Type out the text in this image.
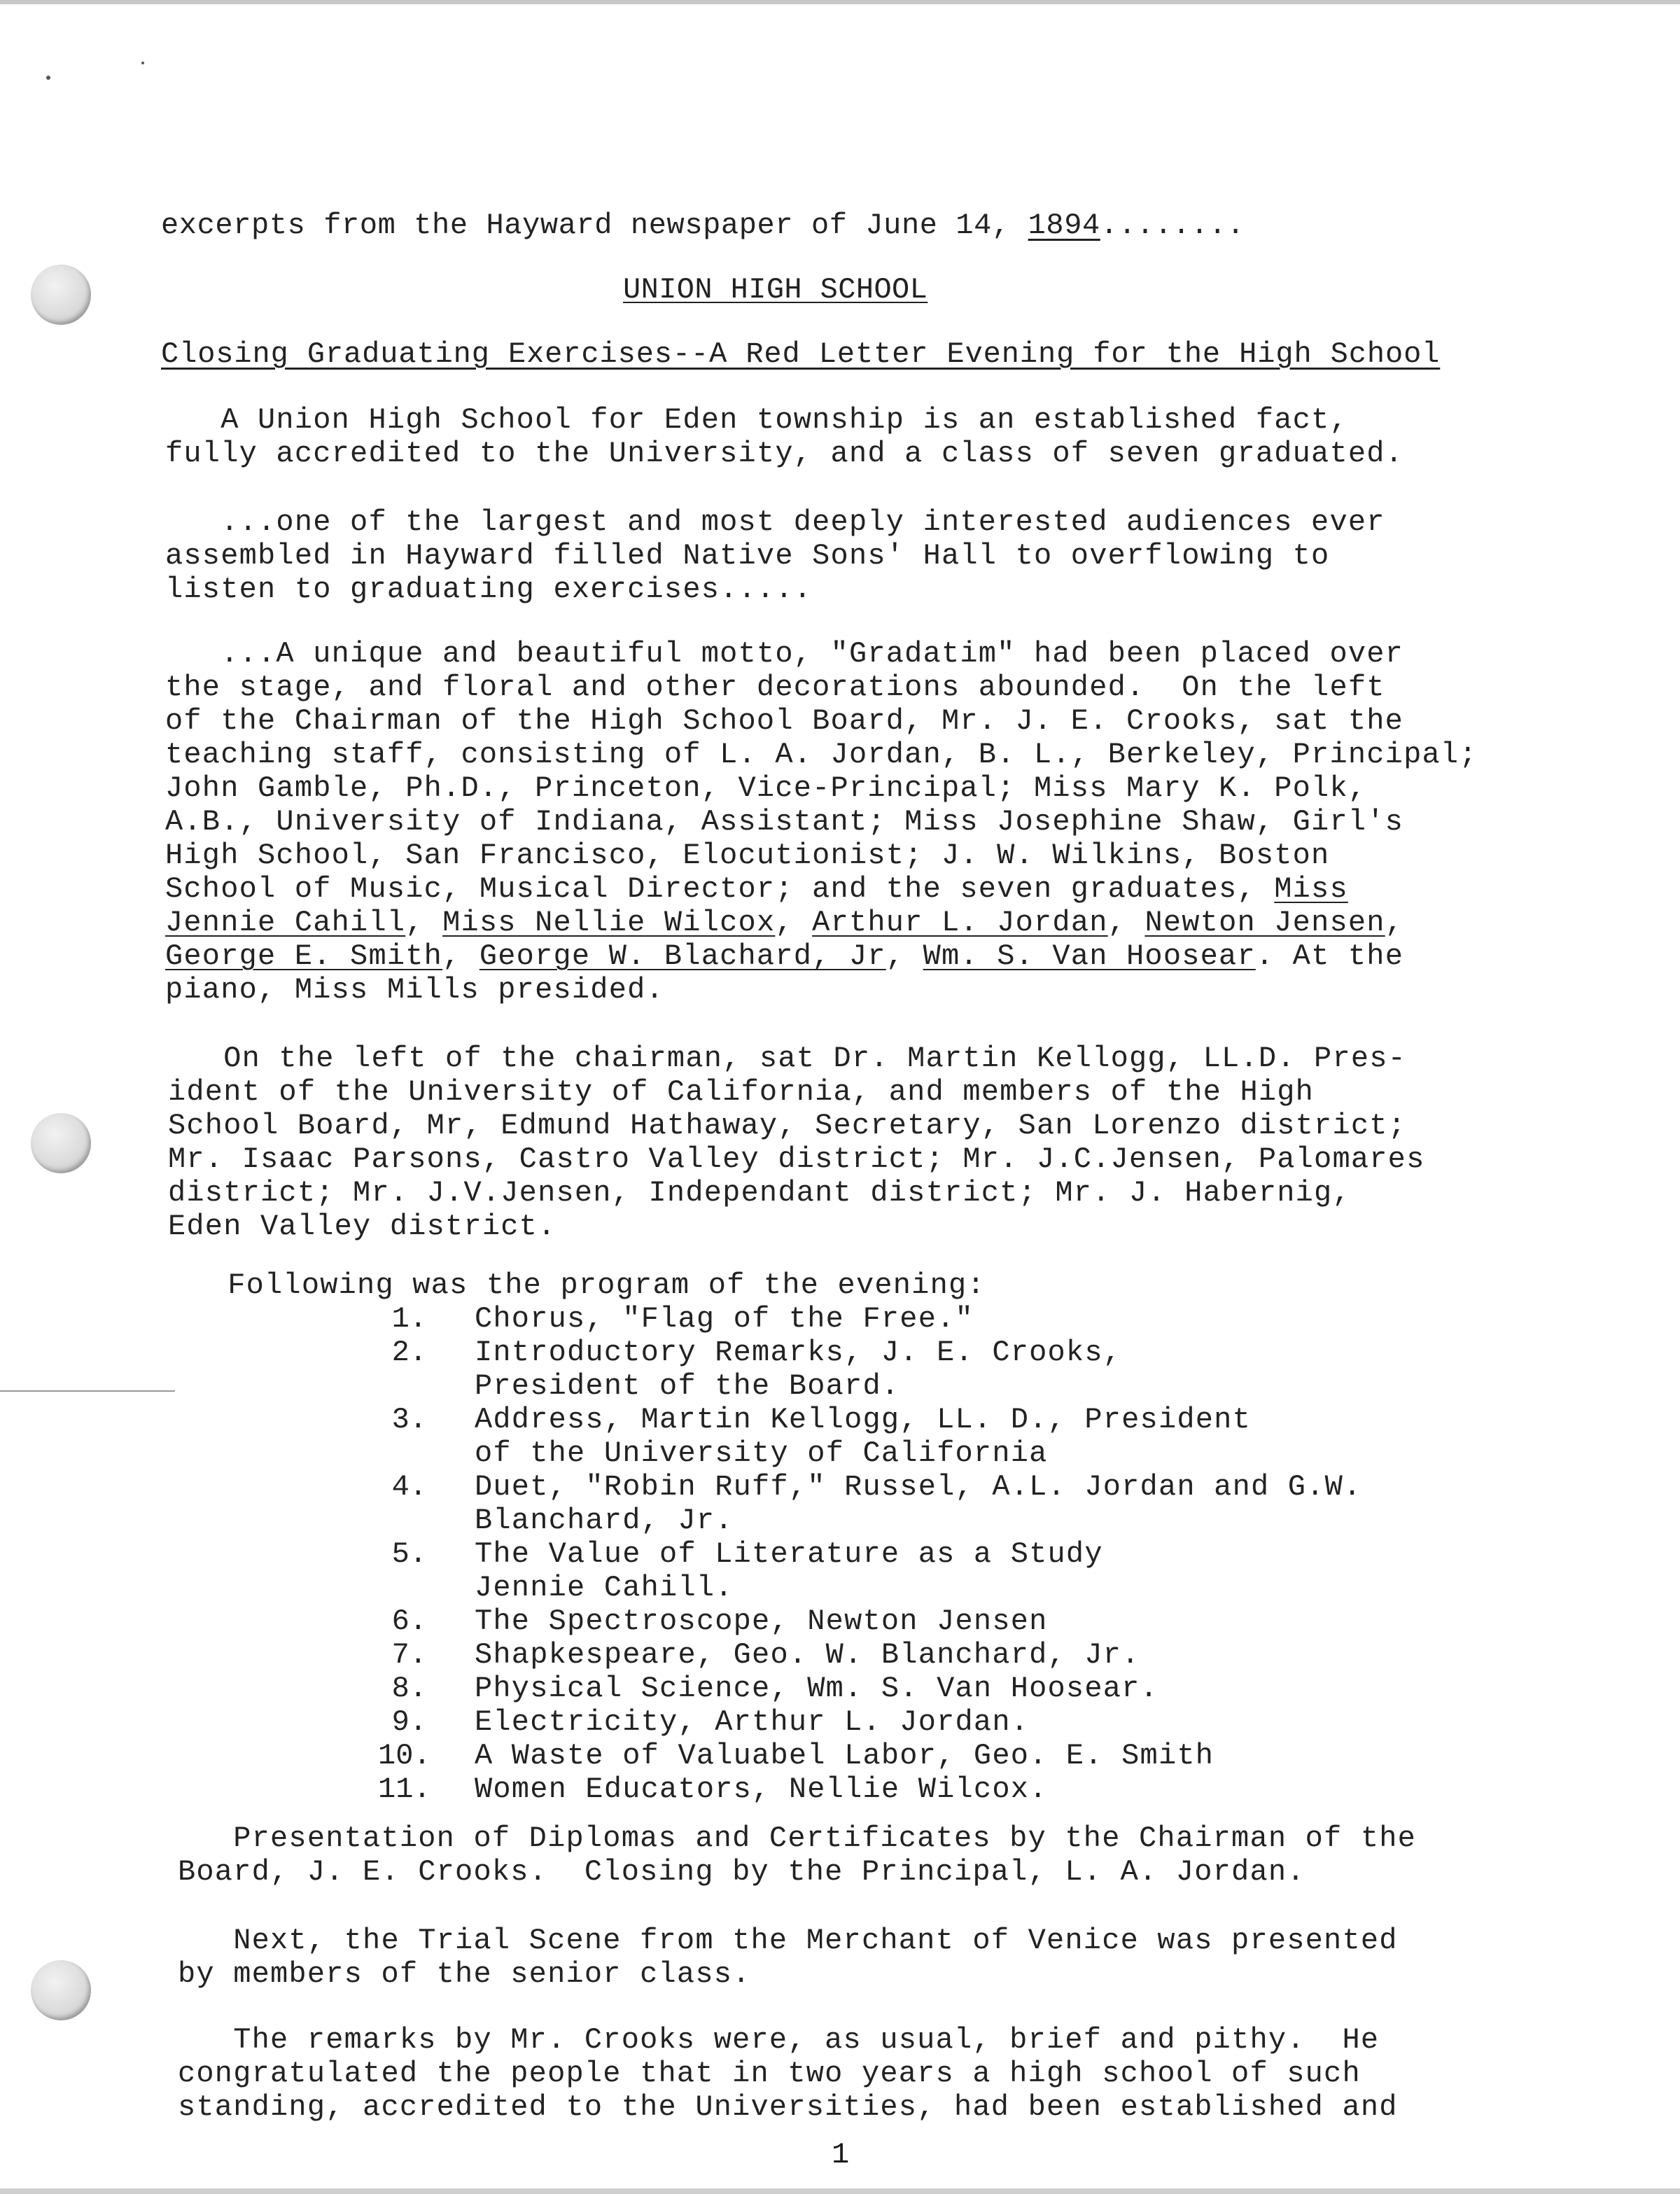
excerpts from the Hayward newspaper of June 14, 1894........
UNION HIGH SCHOOL
Closing Graduating Exercises--A Red Letter Evening for the High School
A Union High School for Eden township is an established fact,
fully accredited to the University, and a class of seven graduated.
...one of the largest and most deeply interested audiences ever
assembled in Hayward filled Native Sons' Hall to overflowing to
listen to graduating exercises.....
...A unique and beautiful motto, "Gradatim" had been placed over
the stage, and floral and other decorations abounded.  On the left
of the Chairman of the High School Board, Mr. J. E. Crooks, sat the
teaching staff, consisting of L. A. Jordan, B. L., Berkeley, Principal;
John Gamble, Ph.D., Princeton, Vice-Principal; Miss Mary K. Polk,
A.B., University of Indiana, Assistant; Miss Josephine Shaw, Girl's
High School, San Francisco, Elocutionist; J. W. Wilkins, Boston
School of Music, Musical Director; and the seven graduates, Miss
Jennie Cahill, Miss Nellie Wilcox, Arthur L. Jordan, Newton Jensen,
George E. Smith, George W. Blachard, Jr, Wm. S. Van Hoosear. At the
piano, Miss Mills presided.
On the left of the chairman, sat Dr. Martin Kellogg, LL.D. Pres-
ident of the University of California, and members of the High
School Board, Mr, Edmund Hathaway, Secretary, San Lorenzo district;
Mr. Isaac Parsons, Castro Valley district; Mr. J.C.Jensen, Palomares
district; Mr. J.V.Jensen, Independant district; Mr. J. Habernig,
Eden Valley district.
Following was the program of the evening:
1. Chorus, "Flag of the Free."
2. Introductory Remarks, J. E. Crooks,
President of the Board.
3. Address, Martin Kellogg, LL. D., President
of the University of California
4. Duet, "Robin Ruff," Russel, A.L. Jordan and G.W.
Blanchard, Jr.
5. The Value of Literature as a Study
Jennie Cahill.
6. The Spectroscope, Newton Jensen
7. Shapkespeare, Geo. W. Blanchard, Jr.
8. Physical Science, Wm. S. Van Hoosear.
9. Electricity, Arthur L. Jordan.
10. A Waste of Valuabel Labor, Geo. E. Smith
11. Women Educators, Nellie Wilcox.
Presentation of Diplomas and Certificates by the Chairman of the
Board, J. E. Crooks.  Closing by the Principal, L. A. Jordan.
Next, the Trial Scene from the Merchant of Venice was presented
by members of the senior class.
The remarks by Mr. Crooks were, as usual, brief and pithy.  He
congratulated the people that in two years a high school of such
standing, accredited to the Universities, had been established and
1
